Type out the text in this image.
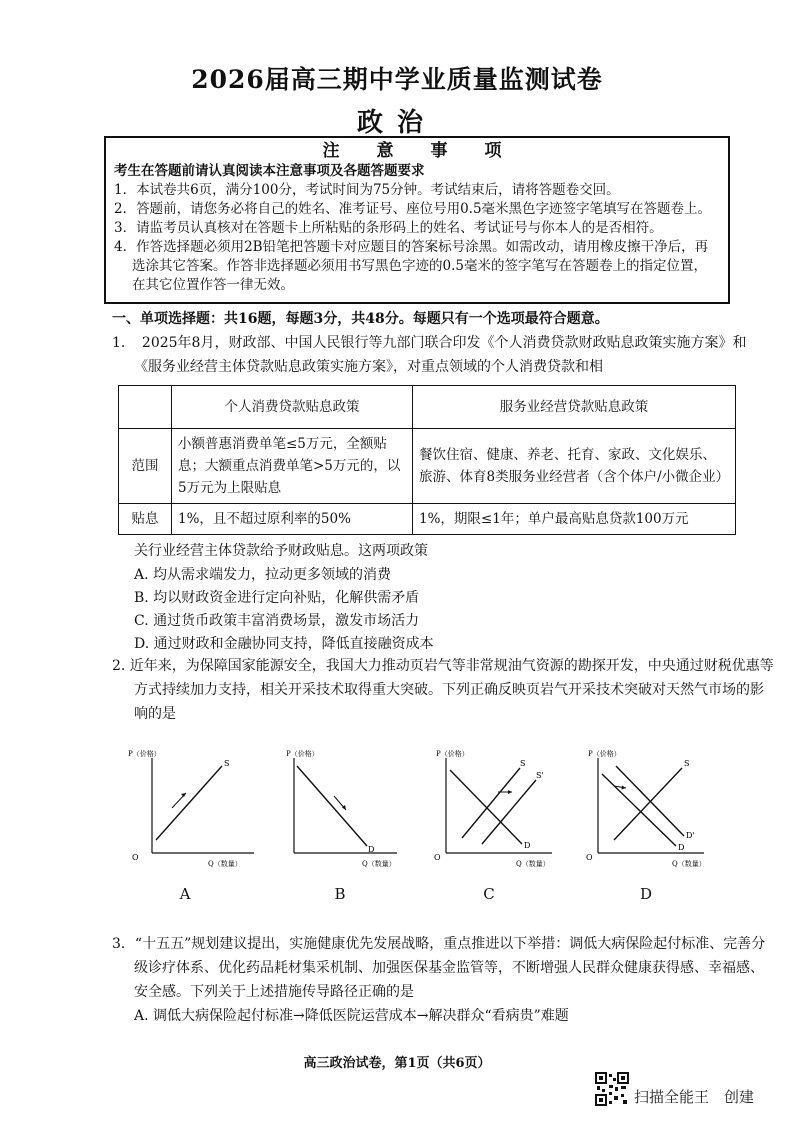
2026届高三期中学业质量监测试卷
政治
注　意　事　项
考生在答题前请认真阅读本注意事项及各题答题要求
1．本试卷共6页，满分100分，考试时间为75分钟。考试结束后，请将答题卷交回。
2．答题前，请您务必将自己的姓名、准考证号、座位号用0.5毫米黑色字迹签字笔填写在答题卷上。
3．请监考员认真核对在答题卡上所粘贴的条形码上的姓名、考试证号与你本人的是否相符。
4．作答选择题必须用2B铅笔把答题卡对应题目的答案标号涂黑。如需改动，请用橡皮擦干净后，再选涂其它答案。作答非选择题必须用书写黑色字迹的0.5毫米的签字笔写在答题卷上的指定位置，在其它位置作答一律无效。
一、单项选择题：共16题，每题3分，共48分。每题只有一个选项最符合题意。
1．　2025年8月，财政部、中国人民银行等九部门联合印发《个人消费贷款财政贴息政策实施方案》和《服务业经营主体贷款贴息政策实施方案》，对重点领域的个人消费贷款和相
	个人消费贷款贴息政策	服务业经营贷款贴息政策
范围	小额普惠消费单笔≤5万元，全额贴息；大额重点消费单笔>5万元的，以5万元为上限贴息	餐饮住宿、健康、养老、托育、家政、文化娱乐、旅游、体育8类服务业经营者（含个体户/小微企业）
贴息	1%，且不超过原利率的50%	1%，期限≤1年；单户最高贴息贷款100万元
关行业经营主体贷款给予财政贴息。这两项政策
A. 均从需求端发力，拉动更多领域的消费
B. 均以财政资金进行定向补贴，化解供需矛盾
C. 通过货币政策丰富消费场景，激发市场活力
D. 通过财政和金融协同支持，降低直接融资成本
2. 近年来，为保障国家能源安全，我国大力推动页岩气等非常规油气资源的勘探开发，中央通过财税优惠等方式持续加力支持，相关开采技术取得重大突破。下列正确反映页岩气开采技术突破对天然气市场的影响的是
P（价格）
Q（数量）
O
S
A
P（价格）
Q（数量）
D
B
P（价格）
Q（数量）
O
D
S
S'
C
P（价格）
Q（数量）
O
D
D'
S
D
3．“十五五”规划建议提出，实施健康优先发展战略，重点推进以下举措：调低大病保险起付标准、完善分级诊疗体系、优化药品耗材集采机制、加强医保基金监管等，不断增强人民群众健康获得感、幸福感、安全感。下列关于上述措施传导路径正确的是
A. 调低大病保险起付标准→降低医院运营成本→解决群众“看病贵”难题
高三政治试卷，第1页（共6页）
扫描全能王　创建
